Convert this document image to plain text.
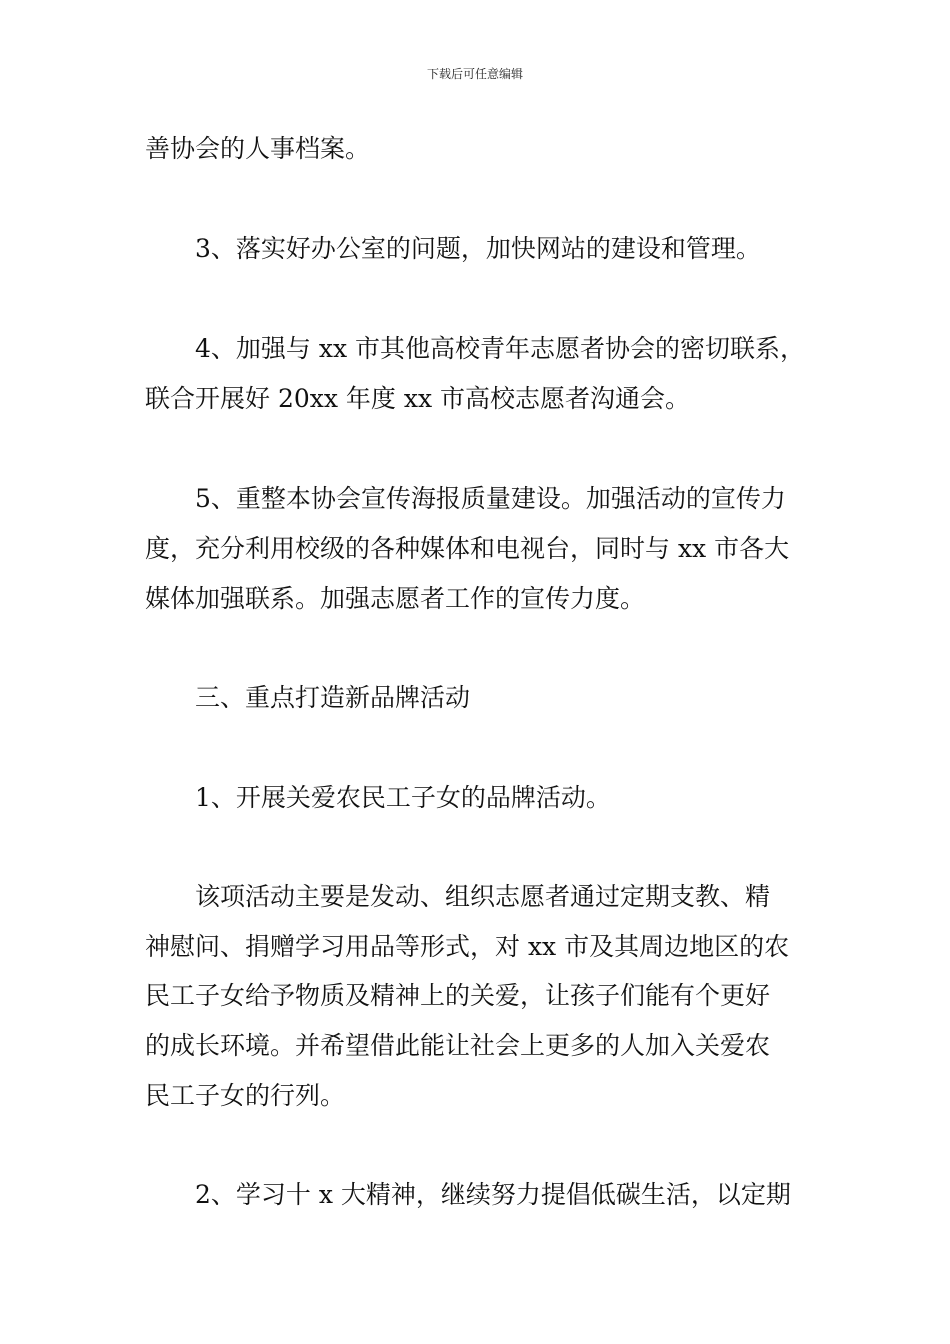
下载后可任意编辑
善协会的人事档案。
3、落实好办公室的问题，加快网站的建设和管理。
4、加强与 xx 市其他高校青年志愿者协会的密切联系，
联合开展好 20xx 年度 xx 市高校志愿者沟通会。
5、重整本协会宣传海报质量建设。加强活动的宣传力
度，充分利用校级的各种媒体和电视台，同时与 xx 市各大
媒体加强联系。加强志愿者工作的宣传力度。
三、重点打造新品牌活动
1、开展关爱农民工子女的品牌活动。
该项活动主要是发动、组织志愿者通过定期支教、精
神慰问、捐赠学习用品等形式，对 xx 市及其周边地区的农
民工子女给予物质及精神上的关爱，让孩子们能有个更好
的成长环境。并希望借此能让社会上更多的人加入关爱农
民工子女的行列。
2、学习十 x 大精神，继续努力提倡低碳生活，以定期
